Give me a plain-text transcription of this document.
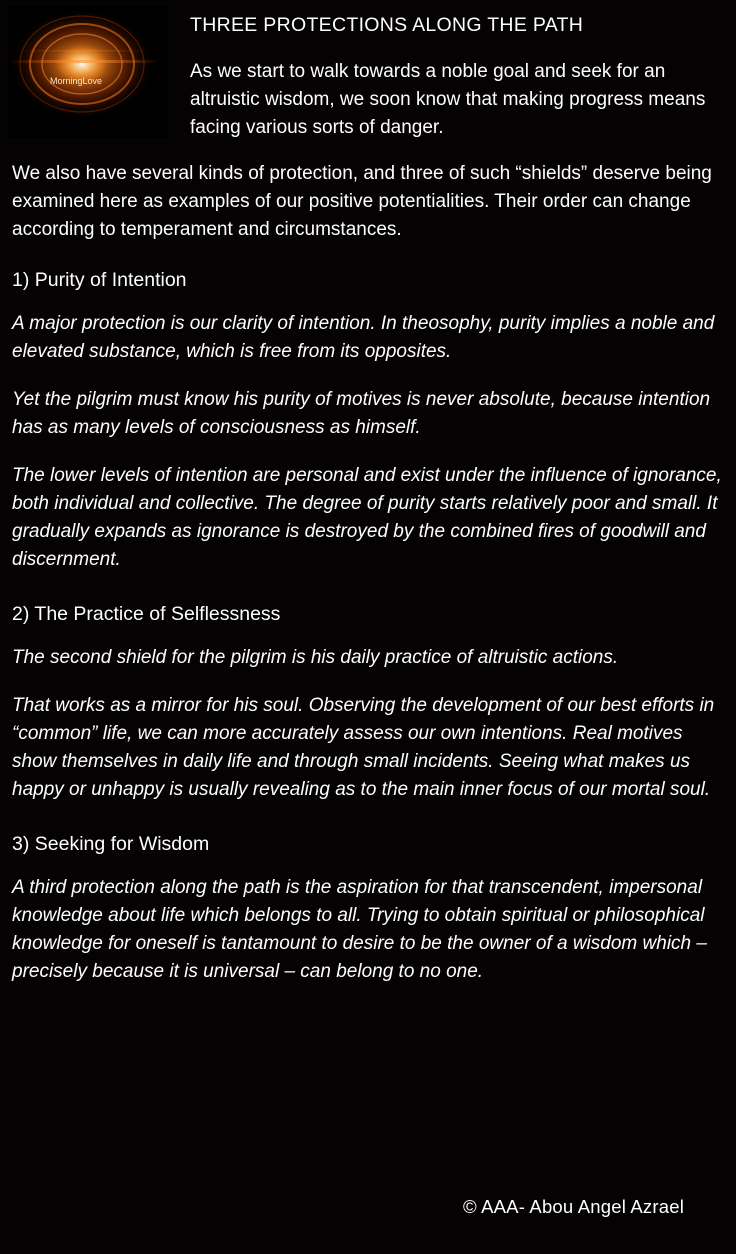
MorningLove
THREE PROTECTIONS ALONG THE PATH
As we start to walk towards a noble goal and seek for an altruistic wisdom, we soon know that making progress means facing various sorts of danger.

We also have several kinds of protection, and three of such “shields” deserve being examined here as examples of our positive potentialities. Their order can change according to temperament and circumstances.

1) Purity of Intention

A major protection is our clarity of intention. In theosophy, purity implies a noble and elevated substance, which is free from its opposites.

Yet the pilgrim must know his purity of motives is never absolute, because intention has as many levels of consciousness as himself.

The lower levels of intention are personal and exist under the influence of ignorance, both individual and collective. The degree of purity starts relatively poor and small. It gradually expands as ignorance is destroyed by the combined fires of goodwill and discernment.

2) The Practice of Selflessness

The second shield for the pilgrim is his daily practice of altruistic actions.

That works as a mirror for his soul. Observing the development of our best efforts in “common” life, we can more accurately assess our own intentions. Real motives show themselves in daily life and through small incidents. Seeing what makes us happy or unhappy is usually revealing as to the main inner focus of our mortal soul.

3) Seeking for Wisdom

A third protection along the path is the aspiration for that transcendent, impersonal knowledge about life which belongs to all. Trying to obtain spiritual or philosophical knowledge for oneself is tantamount to desire to be the owner of a wisdom which – precisely because it is universal – can belong to no one.

© AAA- Abou Angel Azrael
